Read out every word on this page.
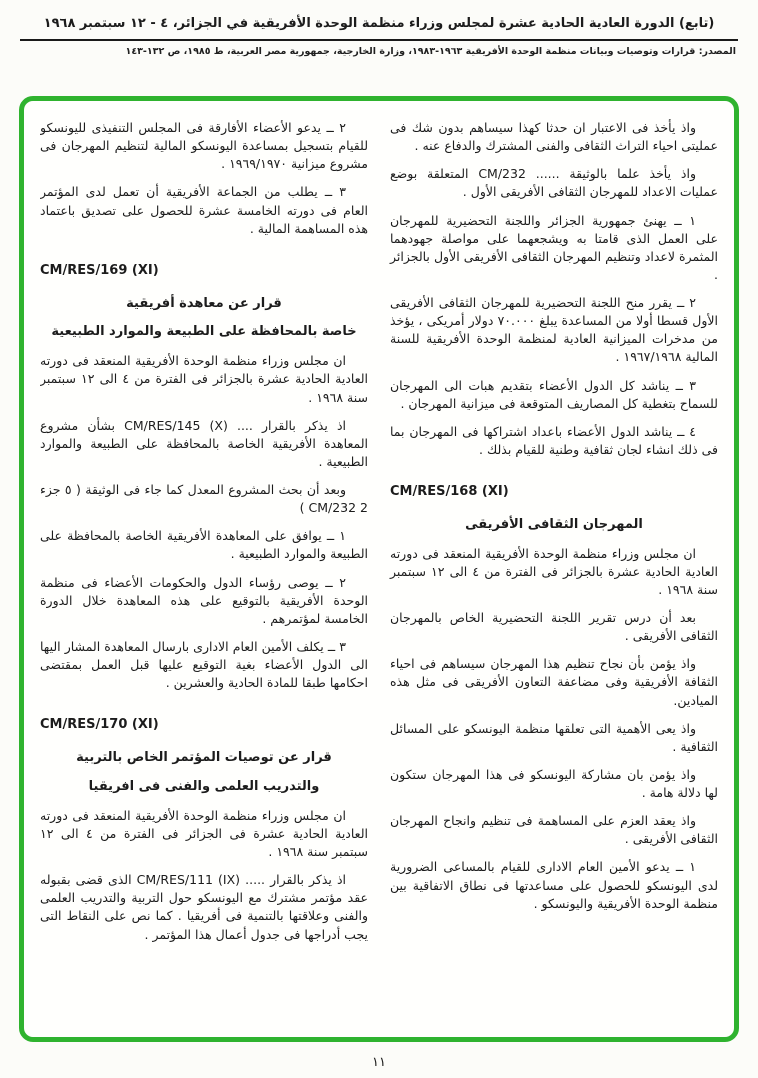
(تابع) الدورة العادية الحادية عشرة لمجلس وزراء منظمة الوحدة الأفريقية في الجزائر، ٤ - ١٢ سبتمبر ١٩٦٨
المصدر: قرارات وتوصيات وبيانات منظمة الوحدة الأفريقية ١٩٦٣-١٩٨٣، وزارة الخارجية، جمهورية مصر العربية، ط ١٩٨٥، ص ١٣٢-١٤٣
واذ يأخذ فى الاعتبار ان حدثا كهذا سيساهم بدون شك فى عمليتى احياء التراث الثقافى والفنى المشترك والدفاع عنه .
واذ يأخذ علما بالوثيقة ...... CM/232 المتعلقة بوضع عمليات الاعداد للمهرجان الثقافى الأفريقى الأول .
١ ــ يهنئ جمهورية الجزائر واللجنة التحضيرية للمهرجان على العمل الذى قامتا به ويشجعهما على مواصلة جهودهما المثمرة لاعداد وتنظيم المهرجان الثقافى الأفريقى الأول بالجزائر .
٢ ــ يقرر منح اللجنة التحضيرية للمهرجان الثقافى الأفريقى الأول قسطا أولا من المساعدة يبلغ ٧٠.٠٠٠ دولار أمريكى ، يؤخذ من مدخرات الميزانية العادية لمنظمة الوحدة الأفريقية للسنة المالية ١٩٦٧/١٩٦٨ .
٣ ــ يناشد كل الدول الأعضاء بتقديم هبات الى المهرجان للسماح بتغطية كل المصاريف المتوقعة فى ميزانية المهرجان .
٤ ــ يناشد الدول الأعضاء باعداد اشتراكها فى المهرجان بما فى ذلك انشاء لجان ثقافية وطنية للقيام بذلك .
CM/RES/168 (XI)
المهرجان الثقافى الأفريقى
ان مجلس وزراء منظمة الوحدة الأفريقية المنعقد فى دورته العادية الحادية عشرة بالجزائر فى الفترة من ٤ الى ١٢ سبتمبر سنة ١٩٦٨ .
بعد أن درس تقرير اللجنة التحضيرية الخاص بالمهرجان الثقافى الأفريقى .
واذ يؤمن بأن نجاح تنظيم هذا المهرجان سيساهم فى احياء الثقافة الأفريقية وفى مضاعفة التعاون الأفريقى فى مثل هذه الميادين.
واذ يعى الأهمية التى تعلقها منظمة اليونسكو على المسائل الثقافية .
واذ يؤمن بان مشاركة اليونسكو فى هذا المهرجان ستكون لها دلالة هامة .
واذ يعقد العزم على المساهمة فى تنظيم وانجاح المهرجان الثقافى الأفريقى .
١ ــ يدعو الأمين العام الادارى للقيام بالمساعى الضرورية لدى اليونسكو للحصول على مساعدتها فى نطاق الاتفاقية بين منظمة الوحدة الأفريقية واليونسكو .
٢ ــ يدعو الأعضاء الأفارقة فى المجلس التنفيذى لليونسكو للقيام بتسجيل بمساعدة اليونسكو المالية لتنظيم المهرجان فى مشروع ميزانية ١٩٦٩/١٩٧٠ .
٣ ــ يطلب من الجماعة الأفريقية أن تعمل لدى المؤتمر العام فى دورته الخامسة عشرة للحصول على تصديق باعتماد هذه المساهمة المالية .
CM/RES/169 (XI)
قرار عن معاهدة أفريقية
خاصة بالمحافظة على الطبيعة والموارد الطبيعية
ان مجلس وزراء منظمة الوحدة الأفريقية المنعقد فى دورته العادية الحادية عشرة بالجزائر فى الفترة من ٤ الى ١٢ سبتمبر سنة ١٩٦٨ .
اذ يذكر بالقرار .... CM/RES/145 (X) بشأن مشروع المعاهدة الأفريقية الخاصة بالمحافظة على الطبيعة والموارد الطبيعية .
وبعد أن بحث المشروع المعدل كما جاء فى الوثيقة ( ٥ جزء 2 CM/232 )
١ ــ يوافق على المعاهدة الأفريقية الخاصة بالمحافظة على الطبيعة والموارد الطبيعية .
٢ ــ يوصى رؤساء الدول والحكومات الأعضاء فى منظمة الوحدة الأفريقية بالتوقيع على هذه المعاهدة خلال الدورة الخامسة لمؤتمرهم .
٣ ــ يكلف الأمين العام الادارى بارسال المعاهدة المشار اليها الى الدول الأعضاء بغية التوقيع عليها قبل العمل بمقتضى احكامها طبقا للمادة الحادية والعشرين .
CM/RES/170 (XI)
قرار عن توصيات المؤتمر الخاص بالتربية
والتدريب العلمى والفنى فى افريقيا
ان مجلس وزراء منظمة الوحدة الأفريقية المنعقد فى دورته العادية الحادية عشرة فى الجزائر فى الفترة من ٤ الى ١٢ سبتمبر سنة ١٩٦٨ .
اذ يذكر بالقرار ..... CM/RES/111 (IX) الذى قضى بقبوله عقد مؤتمر مشترك مع اليونسكو حول التربية والتدريب العلمى والفنى وعلاقتها بالتنمية فى أفريقيا . كما نص على النقاط التى يجب أدراجها فى جدول أعمال هذا المؤتمر .
١١
